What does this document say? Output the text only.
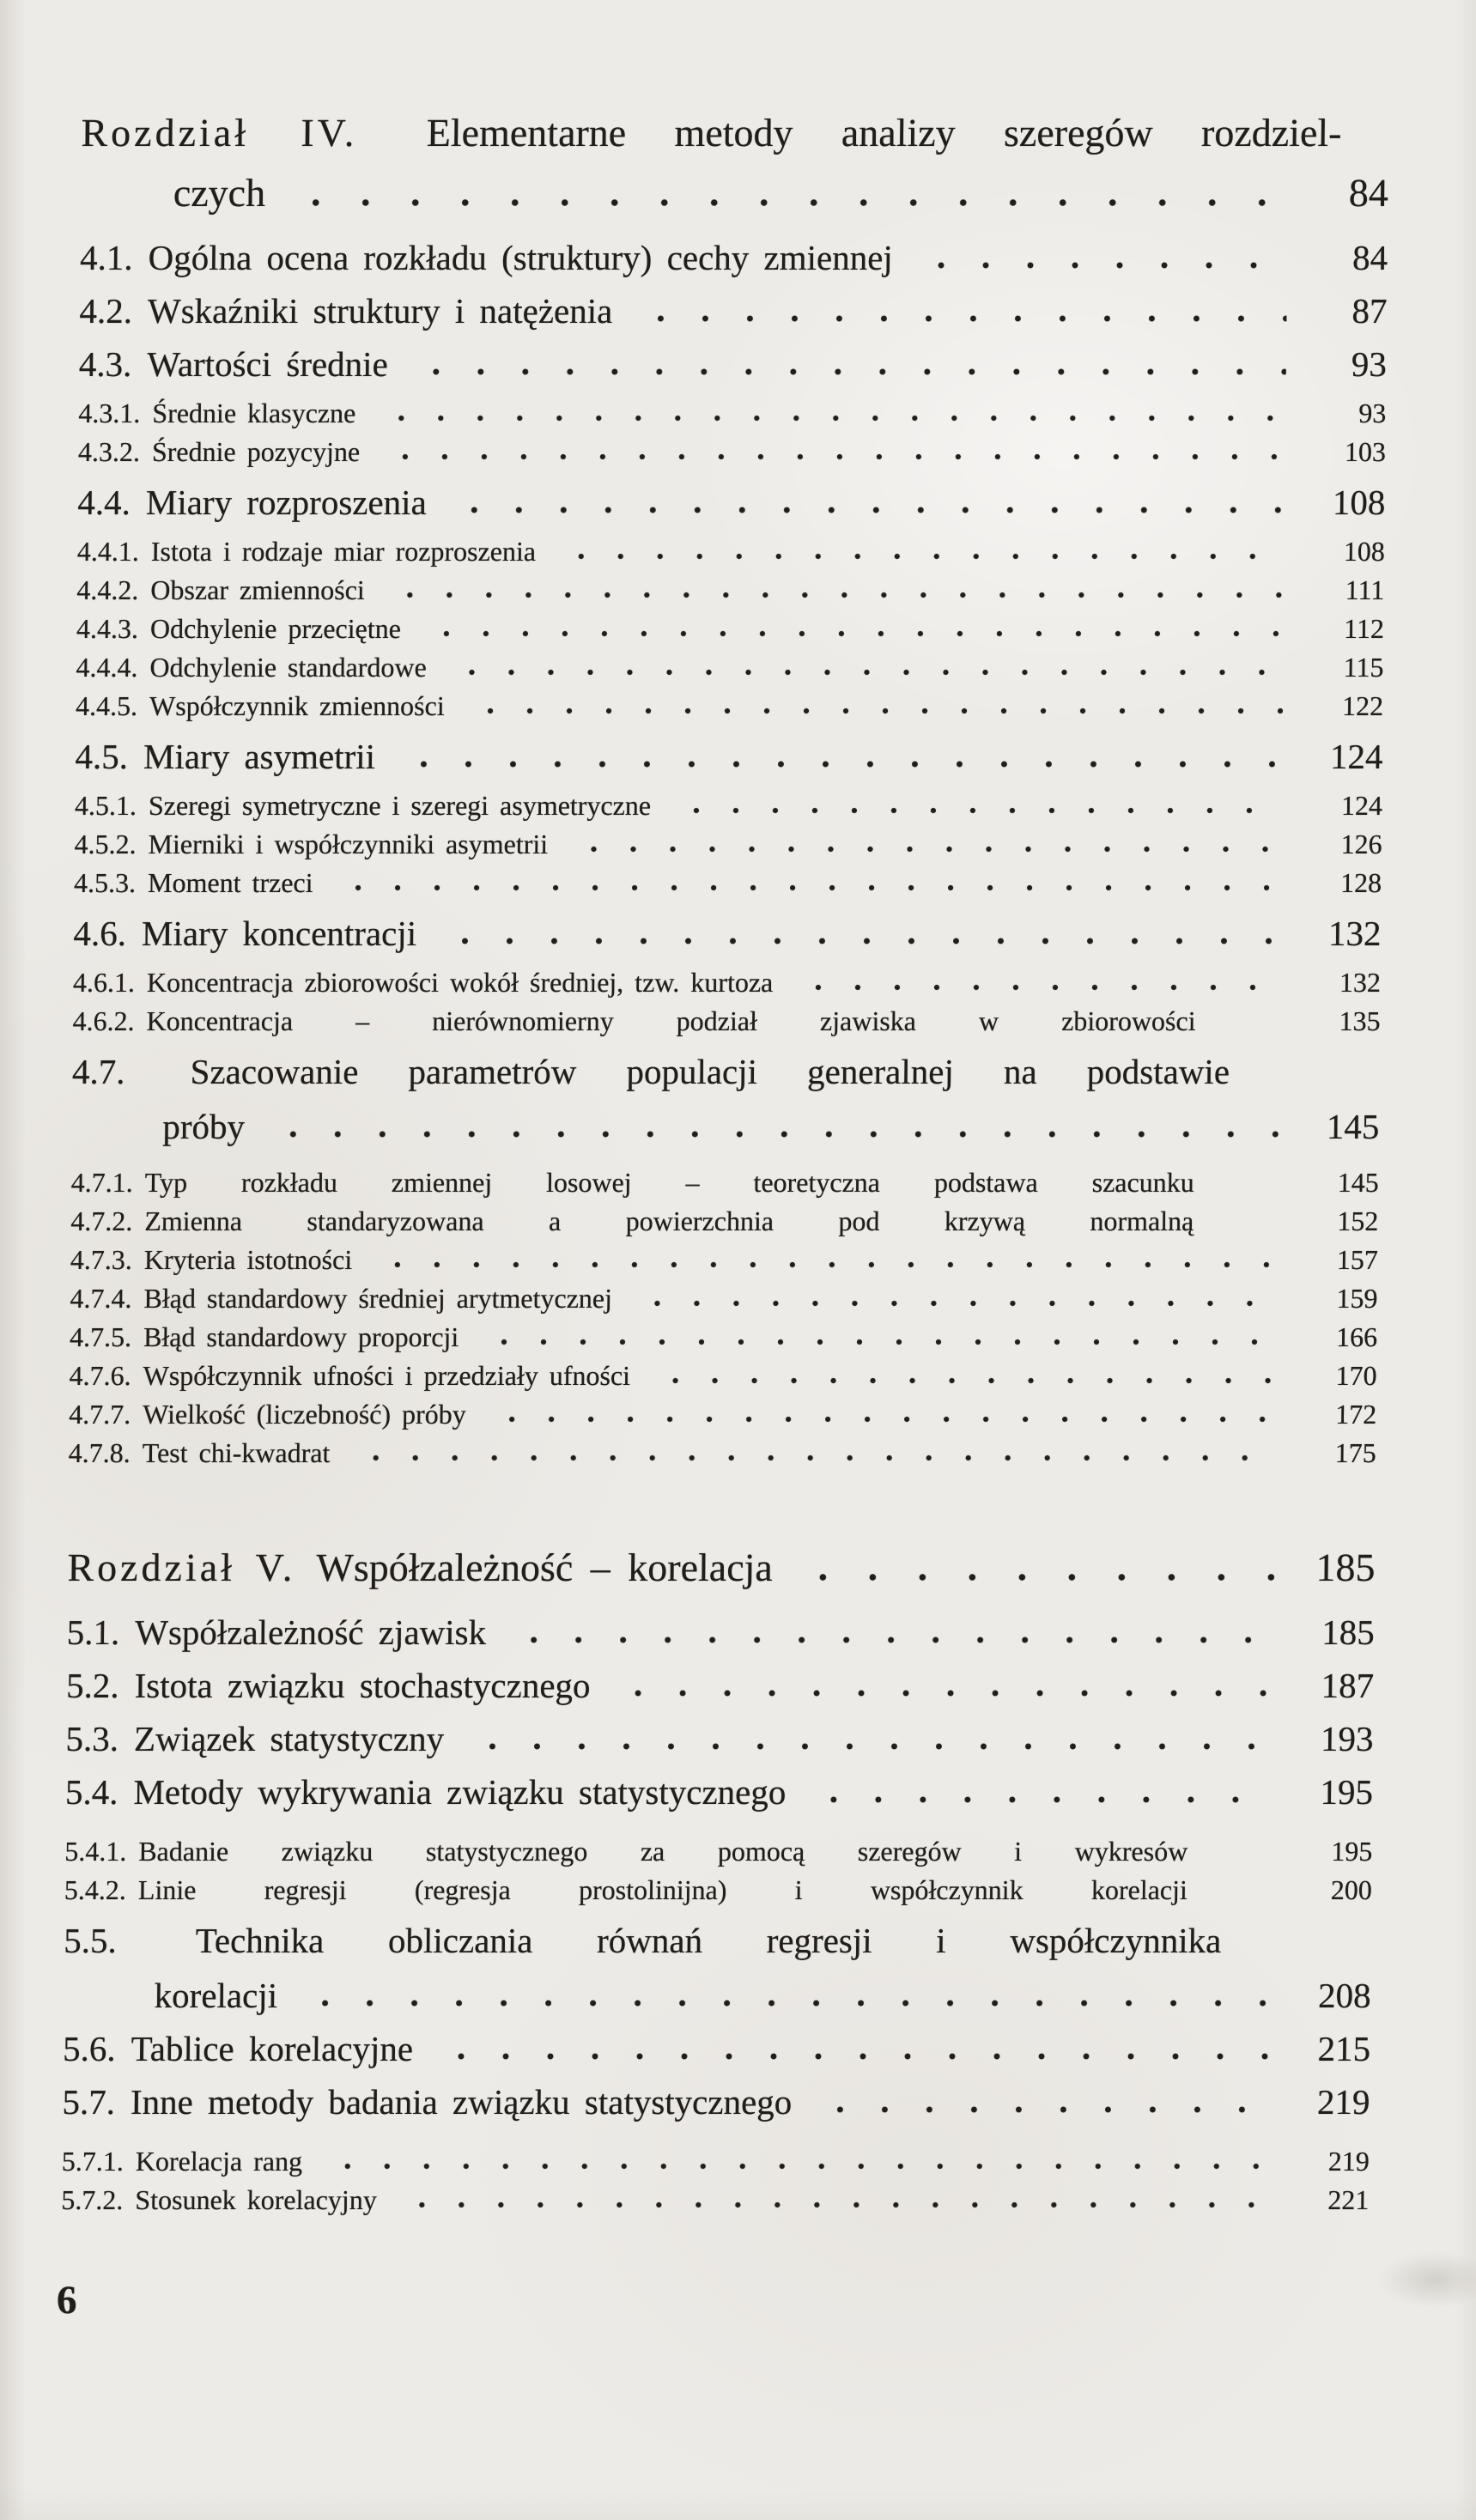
Rozdział IV. Elementarne metody analizy szeregów rozdziel-
czych	84
4.1. Ogólna ocena rozkładu (struktury) cechy zmiennej	84
4.2. Wskaźniki struktury i natężenia	87
4.3. Wartości średnie	93
4.3.1. Średnie klasyczne	93
4.3.2. Średnie pozycyjne	103
4.4. Miary rozproszenia	108
4.4.1. Istota i rodzaje miar rozproszenia	108
4.4.2. Obszar zmienności	111
4.4.3. Odchylenie przeciętne	112
4.4.4. Odchylenie standardowe	115
4.4.5. Współczynnik zmienności	122
4.5. Miary asymetrii	124
4.5.1. Szeregi symetryczne i szeregi asymetryczne	124
4.5.2. Mierniki i współczynniki asymetrii	126
4.5.3. Moment trzeci	128
4.6. Miary koncentracji	132
4.6.1. Koncentracja zbiorowości wokół średniej, tzw. kurtoza	132
4.6.2. Koncentracja – nierównomierny podział zjawiska w zbiorowości	135
4.7. Szacowanie parametrów populacji generalnej na podstawie
próby	145
4.7.1. Typ rozkładu zmiennej losowej – teoretyczna podstawa szacunku	145
4.7.2. Zmienna standaryzowana a powierzchnia pod krzywą normalną	152
4.7.3. Kryteria istotności	157
4.7.4. Błąd standardowy średniej arytmetycznej	159
4.7.5. Błąd standardowy proporcji	166
4.7.6. Współczynnik ufności i przedziały ufności	170
4.7.7. Wielkość (liczebność) próby	172
4.7.8. Test chi-kwadrat	175
Rozdział V. Współzależność – korelacja	185
5.1. Współzależność zjawisk	185
5.2. Istota związku stochastycznego	187
5.3. Związek statystyczny	193
5.4. Metody wykrywania związku statystycznego	195
5.4.1. Badanie związku statystycznego za pomocą szeregów i wykresów	195
5.4.2. Linie regresji (regresja prostolinijna) i współczynnik korelacji	200
5.5. Technika obliczania równań regresji i współczynnika
korelacji	208
5.6. Tablice korelacyjne	215
5.7. Inne metody badania związku statystycznego	219
5.7.1. Korelacja rang	219
5.7.2. Stosunek korelacyjny	221
6
